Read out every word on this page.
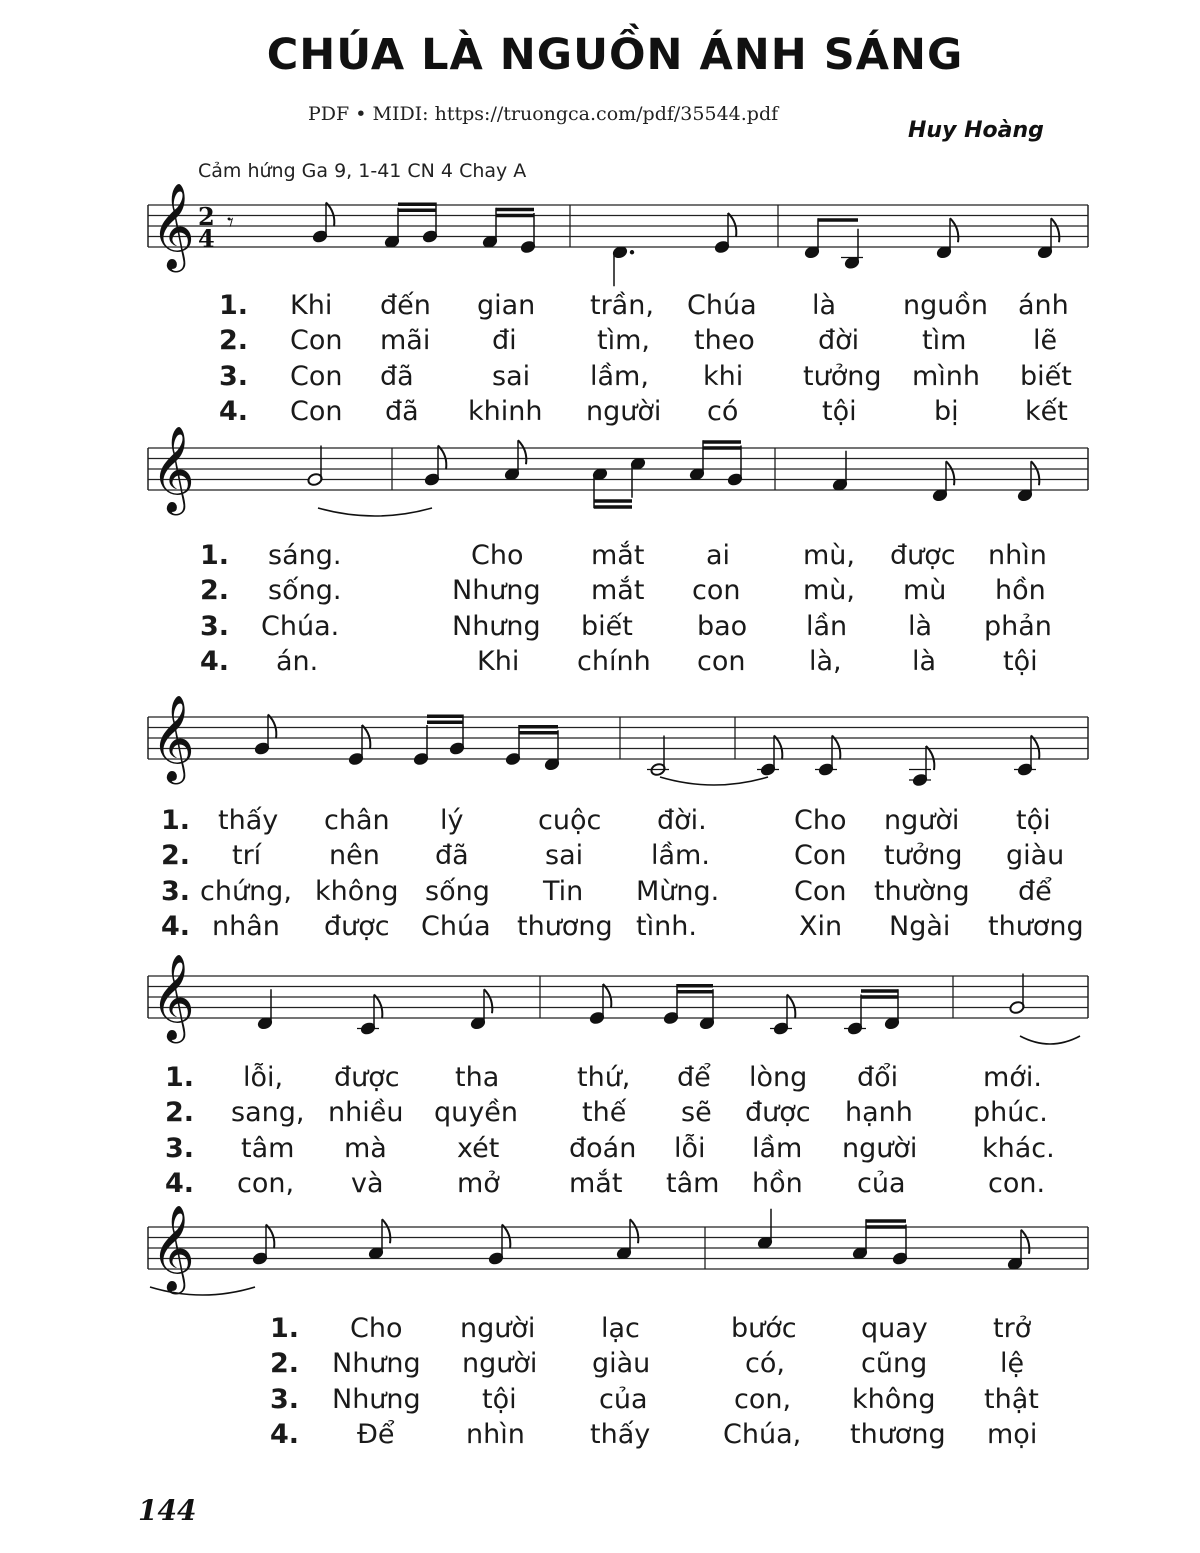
CHÚA LÀ NGUỒN ÁNH SÁNG
PDF • MIDI: https://truongca.com/pdf/35544.pdf
Huy Hoàng
Cảm hứng Ga 9, 1-41 CN 4 Chay A
𝄞 2
4
𝄾
𝄞
𝄞
𝄞
𝄞
144
1. Khi đến gian trần, Chúa là nguồn ánh
2. Con mãi đi	tìm, theo đời tìm lẽ
3. Con đã	sai lầm, khi tưởng mình biết
4. Con đã khinh người có	tội	bị kết
1. sáng.	Cho	mắt ai	mù, được nhìn
2. sống.	Nhưng mắt con mù, mù hồn
3. Chúa.	Nhưng biết bao lần là phản
4. án.	Khi chính con là,	là tội
1. thấy chân lý	cuộc đời.	Cho người tội
2. trí	nên đã	sai	lầm.	Con tưởng giàu
3. chứng, không sống Tin Mừng.	Con thường để
4. nhân được Chúa thương tình.	Xin Ngài thương
1. lỗi, được tha	thứ, để lòng đổi	mới.
2. sang, nhiều quyền thế sẽ được hạnh phúc.
3. tâm mà	xét	đoán lỗi lầm người khác.
4. con, và	mở	mắt tâm hồn của	con.
1. Cho người lạc	bước quay trở
2. Nhưng người giàu	có,	cũng	lệ
3. Nhưng tội	của	con, không thật
4. Để	nhìn thấy	Chúa, thương mọi
